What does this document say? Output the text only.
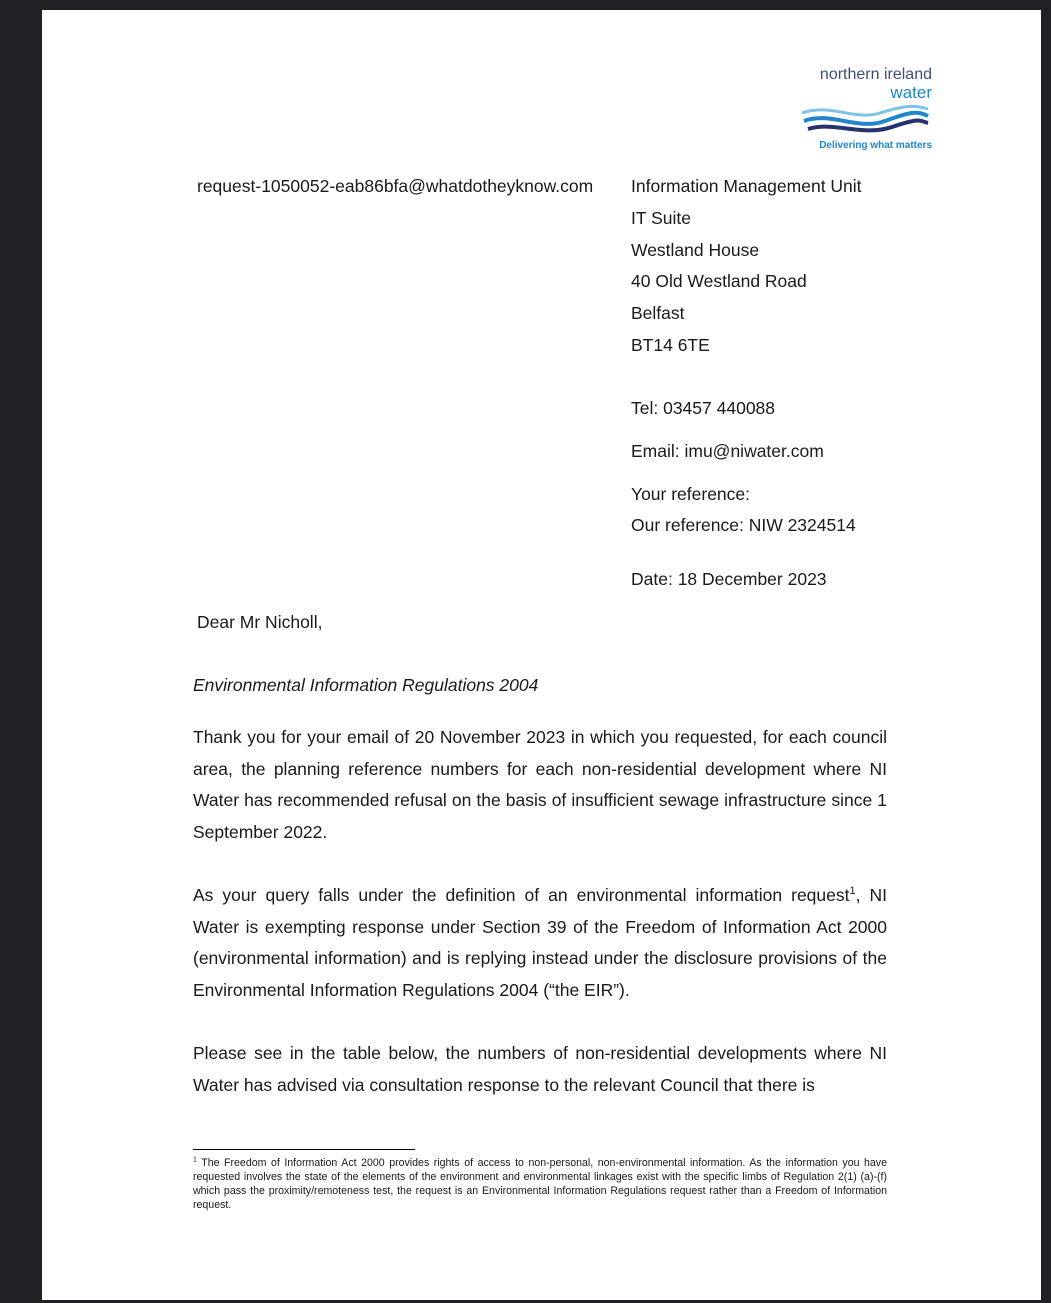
northern ireland
water
Delivering what matters
request-1050052-eab86bfa@whatdotheyknow.com Information Management Unit
IT Suite
Westland House
40 Old Westland Road
Belfast
BT14 6TE
Tel: 03457 440088
Email: imu@niwater.com
Your reference:
Our reference: NIW 2324514
Date: 18 December 2023
Dear Mr Nicholl,
Environmental Information Regulations 2004

Thank you for your email of 20 November 2023 in which you requested, for each council area, the planning reference numbers for each non-residential development where NI Water has recommended refusal on the basis of insufficient sewage infrastructure since 1 September 2022.

As your query falls under the definition of an environmental information request$^1$, NI Water is exempting response under Section 39 of the Freedom of Information Act 2000 (environmental information) and is replying instead under the disclosure provisions of the Environmental Information Regulations 2004 (“the EIR”).

Please see in the table below, the numbers of non-residential developments where NI Water has advised via consultation response to the relevant Council that there is

$^1$ The Freedom of Information Act 2000 provides rights of access to non-personal, non-environmental information. As the information you have requested involves the state of the elements of the environment and environmental linkages exist with the specific limbs of Regulation 2(1) (a)-(f) which pass the proximity/remoteness test, the request is an Environmental Information Regulations request rather than a Freedom of Information request.
